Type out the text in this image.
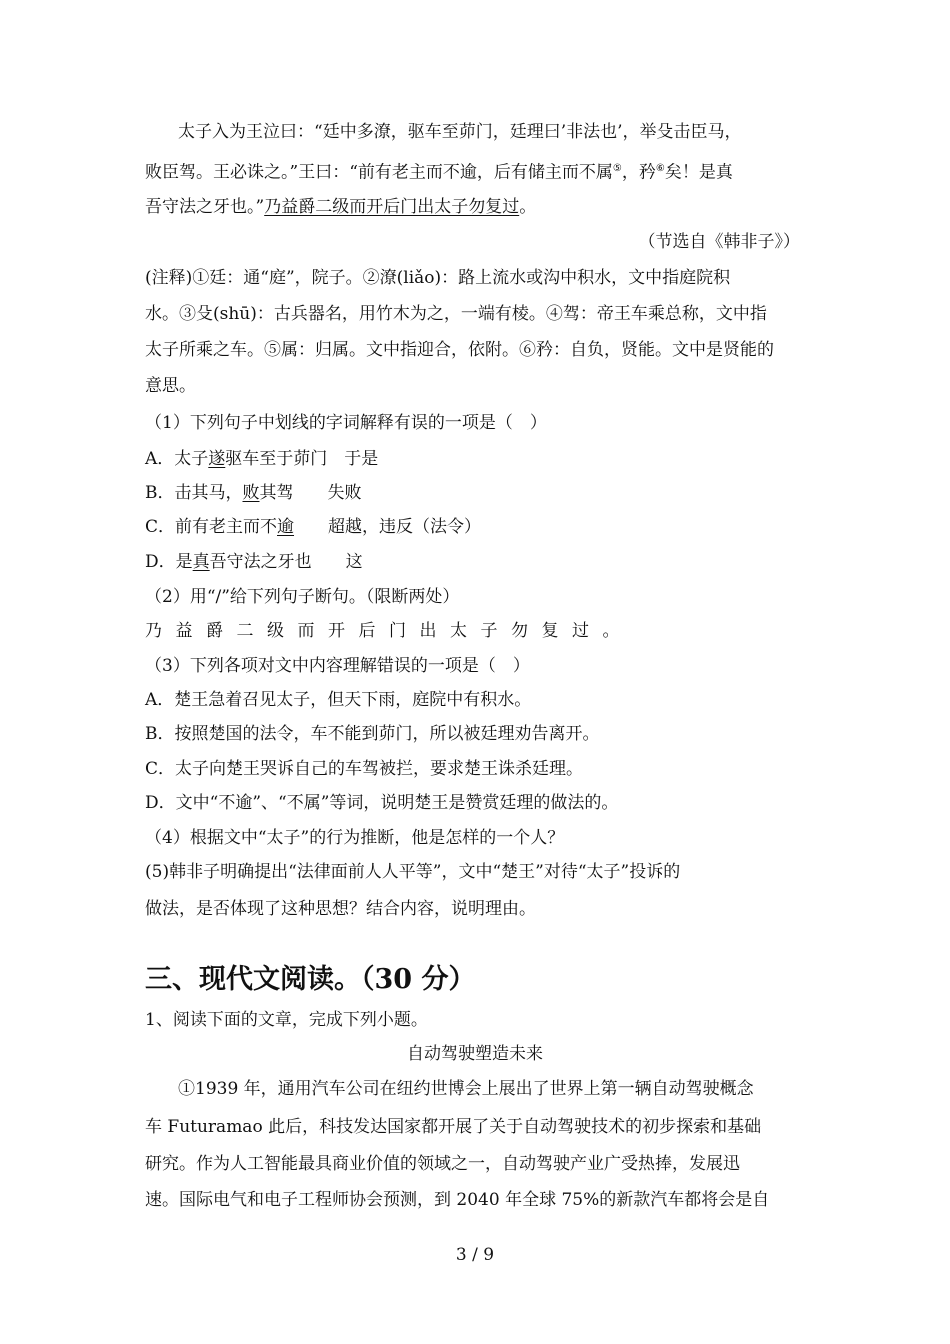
太子入为王泣曰：“廷中多潦，驱车至茆门，廷理曰’非法也’，举殳击臣马，
败臣驾。王必诛之。”王曰：“前有老主而不逾，后有储主而不属⑤，矜⑥矣！是真
吾守法之牙也。”乃益爵二级而开后门出太子勿复过。
（节选自《韩非子》）
(注释)①廷：通“庭”，院子。②潦(liǎo)：路上流水或沟中积水，文中指庭院积
水。③殳(shū)：古兵器名，用竹木为之，一端有棱。④驾：帝王车乘总称，文中指
太子所乘之车。⑤属：归属。文中指迎合，依附。⑥矜：自负，贤能。文中是贤能的
意思。
（1）下列句子中划线的字词解释有误的一项是（　）
A．太子遂驱车至于茆门　于是
B．击其马，败其驾　　失败
C．前有老主而不逾　　超越，违反（法令）
D．是真吾守法之牙也　　这
（2）用“/”给下列句子断句。（限断两处）
乃益爵二级而开后门出太子勿复过。
（3）下列各项对文中内容理解错误的一项是（　）
A．楚王急着召见太子，但天下雨，庭院中有积水。
B．按照楚国的法令，车不能到茆门，所以被廷理劝告离开。
C．太子向楚王哭诉自己的车驾被拦，要求楚王诛杀廷理。
D．文中“不逾”、“不属”等词，说明楚王是赞赏廷理的做法的。
（4）根据文中“太子”的行为推断，他是怎样的一个人？
(5)韩非子明确提出“法律面前人人平等”，文中“楚王”对待“太子”投诉的
做法，是否体现了这种思想？结合内容，说明理由。
三、现代文阅读。（30 分）
1、阅读下面的文章，完成下列小题。
自动驾驶塑造未来
①1939 年，通用汽车公司在纽约世博会上展出了世界上第一辆自动驾驶概念
车 Futuramao 此后，科技发达国家都开展了关于自动驾驶技术的初步探索和基础
研究。作为人工智能最具商业价值的领域之一，自动驾驶产业广受热捧，发展迅
速。国际电气和电子工程师协会预测，到 2040 年全球 75%的新款汽车都将会是自
3 / 9
